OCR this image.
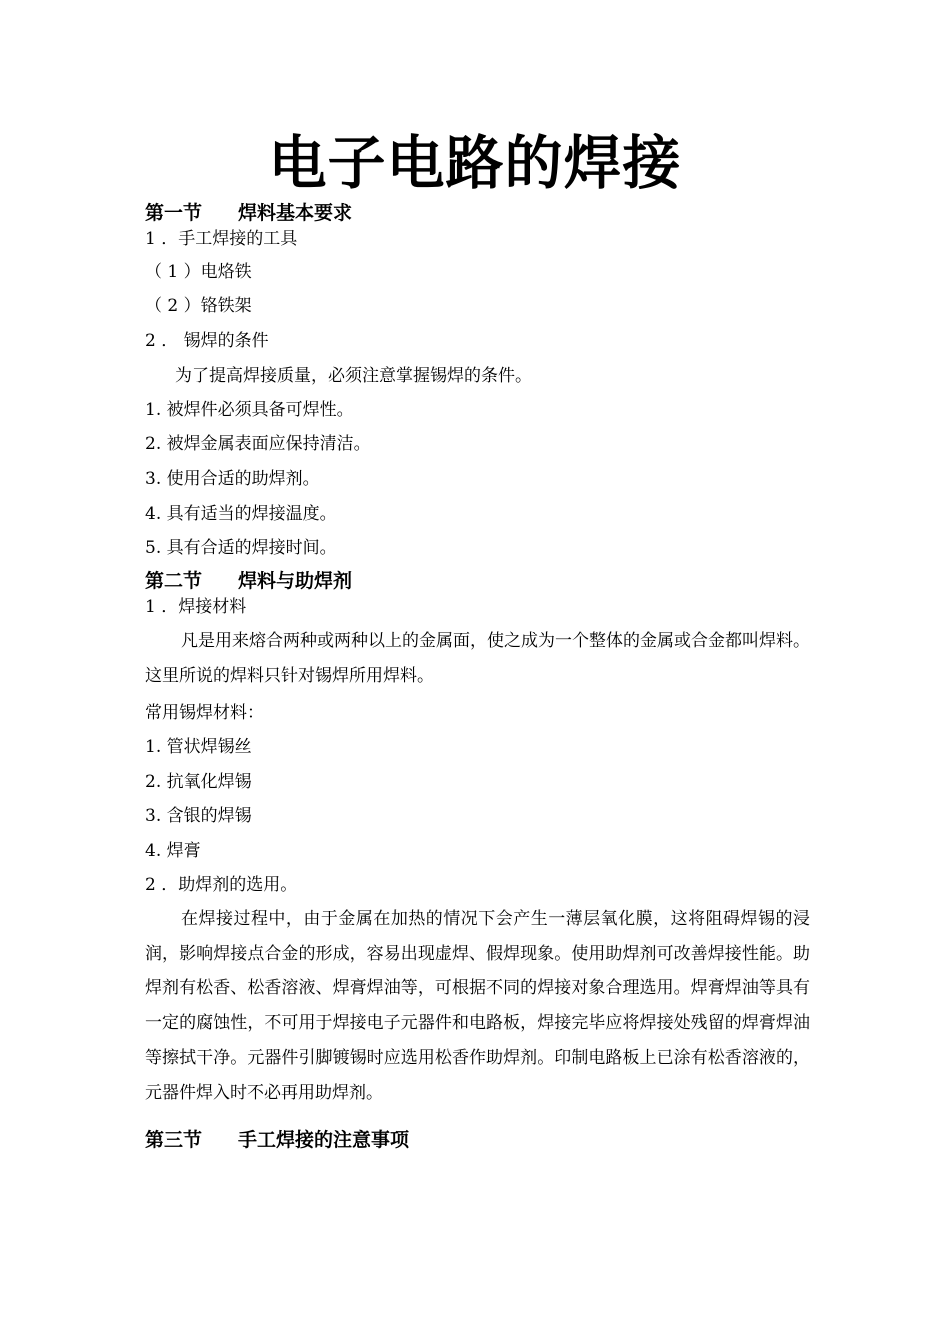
电子电路的焊接
第一节 焊料基本要求
1 ．手工焊接的工具
（ 1 ）电烙铁
（ 2 ）铬铁架
2 ． 锡焊的条件
为了提高焊接质量，必须注意掌握锡焊的条件。
1. 被焊件必须具备可焊性。
2. 被焊金属表面应保持清洁。
3. 使用合适的助焊剂。
4. 具有适当的焊接温度。
5. 具有合适的焊接时间。
第二节 焊料与助焊剂
1 ．焊接材料
凡是用来熔合两种或两种以上的金属面，使之成为一个整体的金属或合金都叫焊料。这里所说的焊料只针对锡焊所用焊料。
常用锡焊材料：
1. 管状焊锡丝
2. 抗氧化焊锡
3. 含银的焊锡
4. 焊膏
2 ．助焊剂的选用。
在焊接过程中，由于金属在加热的情况下会产生一薄层氧化膜，这将阻碍焊锡的浸润，影响焊接点合金的形成，容易出现虚焊、假焊现象。使用助焊剂可改善焊接性能。助焊剂有松香、松香溶液、焊膏焊油等，可根据不同的焊接对象合理选用。焊膏焊油等具有一定的腐蚀性，不可用于焊接电子元器件和电路板，焊接完毕应将焊接处残留的焊膏焊油等擦拭干净。元器件引脚镀锡时应选用松香作助焊剂。印制电路板上已涂有松香溶液的，元器件焊入时不必再用助焊剂。
第三节 手工焊接的注意事项
